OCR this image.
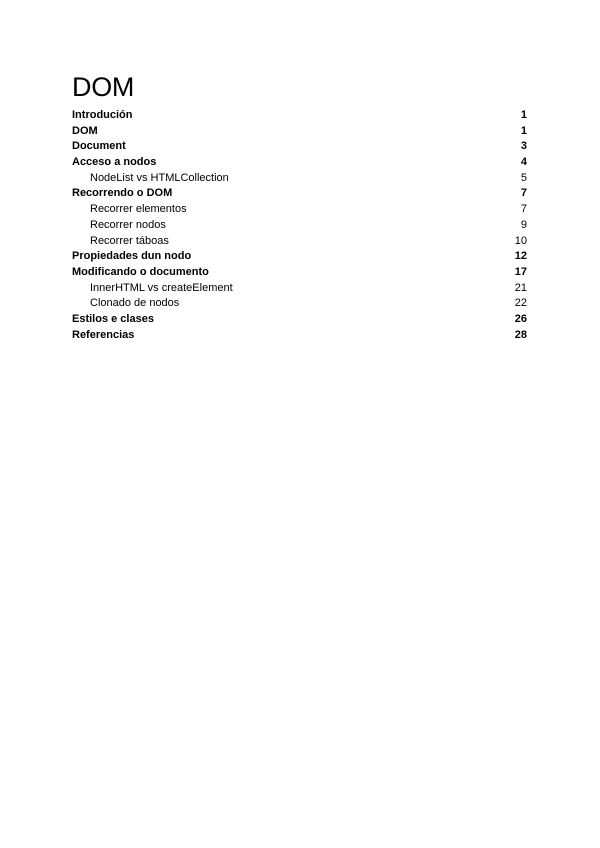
DOM
Introdución	1
DOM	1
Document	3
Acceso a nodos	4
NodeList vs HTMLCollection	5
Recorrendo o DOM	7
Recorrer elementos	7
Recorrer nodos	9
Recorrer táboas	10
Propiedades dun nodo	12
Modificando o documento	17
InnerHTML vs createElement	21
Clonado de nodos	22
Estilos e clases	26
Referencias	28
